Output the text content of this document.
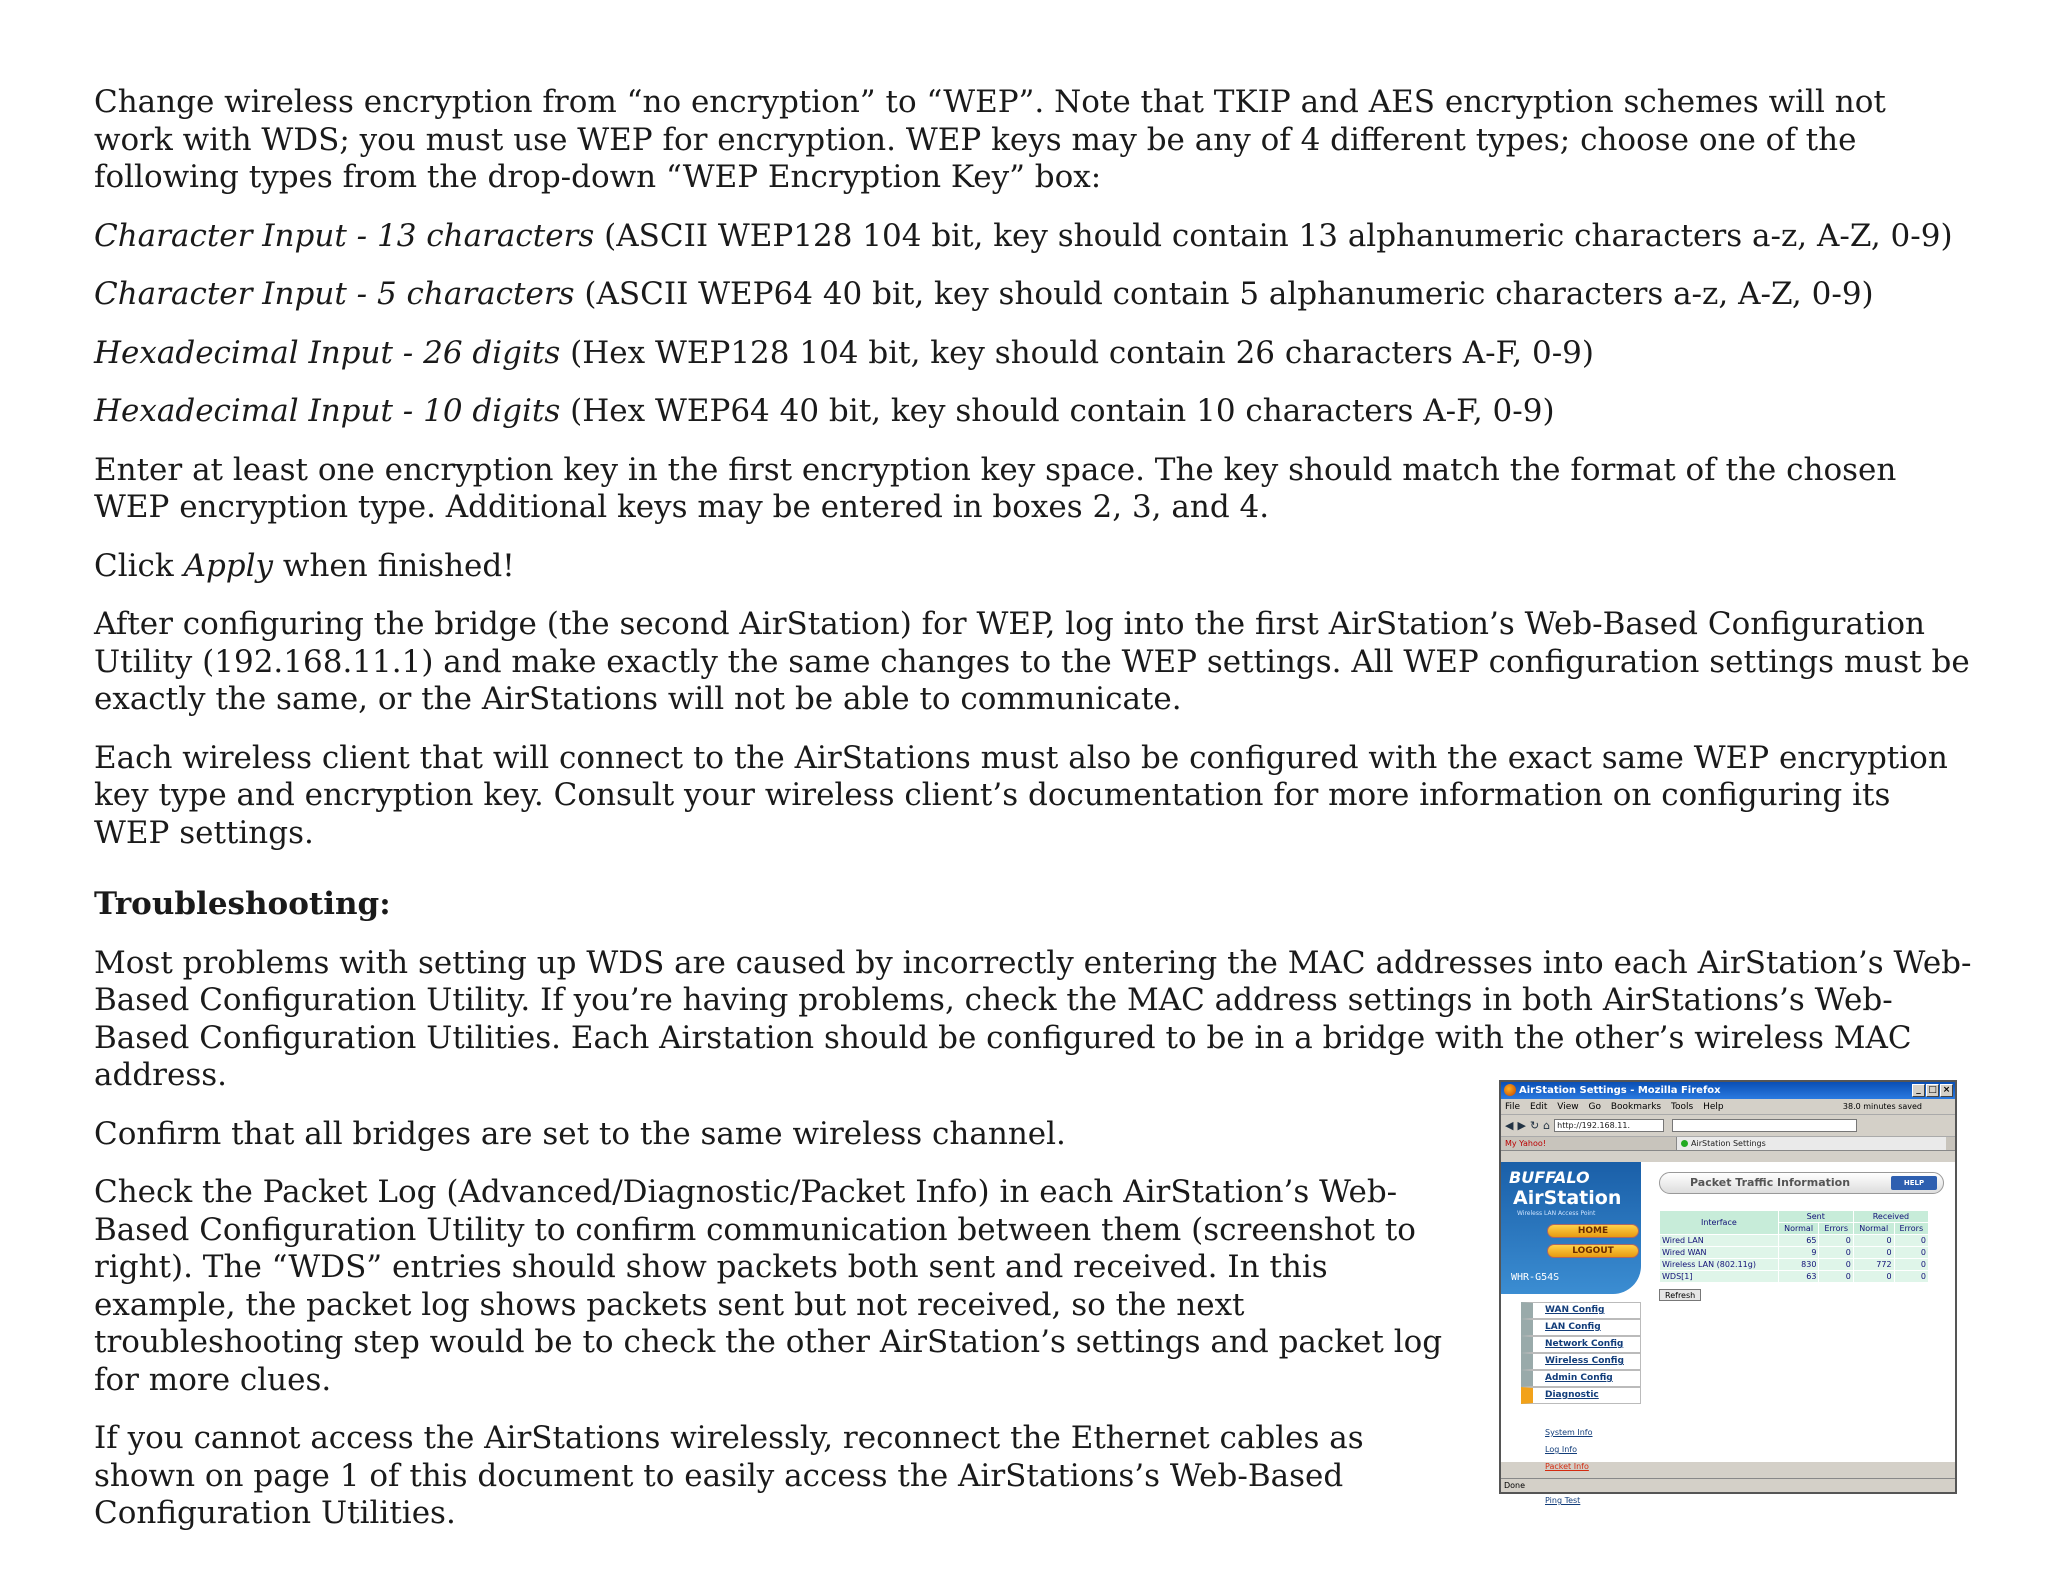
Change wireless encryption from “no encryption” to “WEP”. Note that TKIP and AES encryption schemes will not work with WDS; you must use WEP for encryption. WEP keys may be any of 4 different types; choose one of the following types from the drop-down “WEP Encryption Key” box:

Character Input - 13 characters (ASCII WEP128 104 bit, key should contain 13 alphanumeric characters a-z, A-Z, 0-9)

Character Input - 5 characters (ASCII WEP64 40 bit, key should contain 5 alphanumeric characters a-z, A-Z, 0-9)

Hexadecimal Input - 26 digits (Hex WEP128 104 bit, key should contain 26 characters A-F, 0-9)

Hexadecimal Input - 10 digits (Hex WEP64 40 bit, key should contain 10 characters A-F, 0-9)

Enter at least one encryption key in the first encryption key space. The key should match the format of the chosen WEP encryption type. Additional keys may be entered in boxes 2, 3, and 4.

Click Apply when finished!

After configuring the bridge (the second AirStation) for WEP, log into the first AirStation’s Web-Based Configuration Utility (192.168.11.1) and make exactly the same changes to the WEP settings. All WEP configuration settings must be exactly the same, or the AirStations will not be able to communicate.

Each wireless client that will connect to the AirStations must also be configured with the exact same WEP encryption key type and encryption key. Consult your wireless client’s documentation for more information on configuring its WEP settings.

Troubleshooting:

Most problems with setting up WDS are caused by incorrectly entering the MAC addresses into each AirStation’s Web-Based Configuration Utility. If you’re having problems, check the MAC address settings in both AirStations’s Web-Based Configuration Utilities. Each Airstation should be configured to be in a bridge with the other’s wireless MAC address.

Confirm that all bridges are set to the same wireless channel.

Check the Packet Log (Advanced/Diagnostic/Packet Info) in each AirStation’s Web-Based Configuration Utility to confirm communication between them (screenshot to right). The “WDS” entries should show packets both sent and received. In this example, the packet log shows packets sent but not received, so the next troubleshooting step would be to check the other AirStation’s settings and packet log for more clues.

If you cannot access the AirStations wirelessly, reconnect the Ethernet cables as shown on page 1 of this document to easily access the AirStations’s Web-Based Configuration Utilities.

AirStation Settings - Mozilla Firefox	_ □ ×
File Edit View Go Bookmarks Tools Help	38.0 minutes saved
◀ ▶ ↻ ⌂ http://192.168.11.
My Yahoo!	AirStation Settings
BUFFALO
AirStation
Wireless LAN Access Point
HOME
LOGOUT
WHR-G54S
WAN Config
LAN Config
Network Config
Wireless Config
Admin Config
Diagnostic
System Info
Log Info
Packet Info
Ping Test
Packet Traffic Information	HELP
Interface	Sent		Received	
	Normal	Errors	Normal	Errors
Wired LAN	65	0	0	0
Wired WAN	9	0	0	0
Wireless LAN (802.11g)	830	0	772	0
WDS[1]	63	0	0	0
Refresh
Done
